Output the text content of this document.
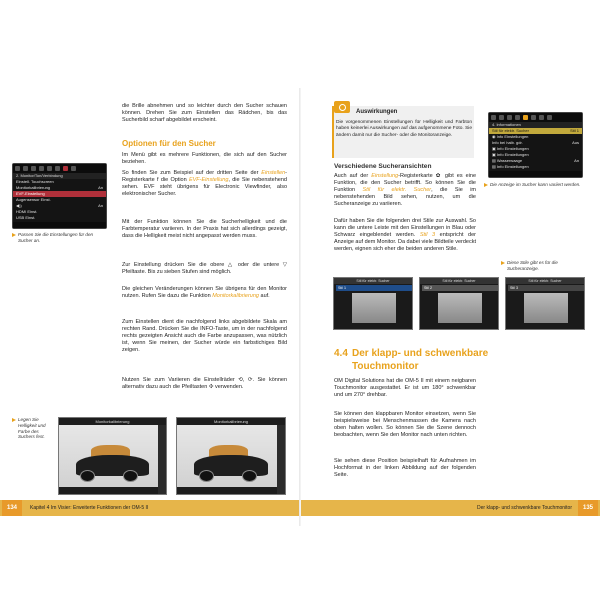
2. Monitor/Ton/Verbindung
Einstell. Touchscreen
Monitorkalibrierung	An
EVF-Einstellung
Augensensor Einst.
◀))	An
HDMI Einst.
USB Einst.
Passen Sie die Einstellungen für den Sucher an.
die Brille abnehmen und so leichter durch den Sucher schauen können. Drehen Sie zum Einstellen das Rädchen, bis das Sucherbild scharf abgebildet erscheint.
Optionen für den Sucher
Im Menü gibt es mehrere Funktionen, die sich auf den Sucher beziehen.
So finden Sie zum Beispiel auf der dritten Seite der Einstellen-Registerkarte f die Option EVF-Einstellung, die Sie nebenstehend sehen. EVF steht übrigens für Electronic Viewfinder, also elektronischer Sucher.
Mit der Funktion können Sie die Sucherhelligkeit und die Farbtemperatur variieren. In der Praxis hat sich allerdings gezeigt, dass die Helligkeit meist nicht angepasst werden muss.
Zur Einstellung drücken Sie die obere △ oder die untere ▽ Pfeiltaste. Bis zu sieben Stufen sind möglich.
Die gleichen Veränderungen können Sie übrigens für den Monitor nutzen. Rufen Sie dazu die Funktion Monitorkalibrierung auf.
Zum Einstellen dient die nachfolgend links abgebildete Skala am rechten Rand. Drücken Sie die INFO-Taste, um in der nachfolgend rechts gezeigten Ansicht auch die Farbe anzupassen, was nützlich ist, wenn Sie meinen, der Sucher würde ein farbstichiges Bild zeigen.
Nutzen Sie zum Variieren die Einstellräder ⟲, ⟳. Sie können alternativ dazu auch die Pfeiltasten ✣ verwenden.
Legen Sie Helligkeit und Farbe des Suchers fest.
Monitorkalibrierung	Monitorkalibrierung
Auswirkungen
Die vorgenommenen Einstellungen für Helligkeit und Farbton haben keinerlei Auswirkungen auf das aufgenommene Foto. Sie ändern damit nur die Sucher- oder die Monitoranzeige.
Verschiedene Sucheransichten
Auch auf der Einstellung-Registerkarte ✿ gibt es eine Funktion, die den Sucher betrifft. So können Sie die Funktion Stil für elektr. Sucher, die Sie im nebenstehenden Bild sehen, nutzen, um die Sucheranzeige zu variieren.
Dafür haben Sie die folgenden drei Stile zur Auswahl. So kann die untere Leiste mit den Einstellungen in Blau oder Schwarz eingeblendet werden. Stil 3 entspricht der Anzeige auf dem Monitor. Da dabei viele Bildteile verdeckt werden, eignen sich eher die beiden anderen Stile.
4. Informationen
Stil für elektr. Sucher	Stil 1
◉ Info Einstellungen
Info bei halb. gdr.	Aus
▣ Info Einstellungen
▣ Info Einstellungen
▤ Wasserwaage	An
▤ Info Einstellungen
Die Anzeige im Sucher kann variiert werden.
Diese Stile gibt es für die Sucheranzeige.
Stil für elektr. Sucher
Stil 1
Stil für elektr. Sucher
Stil 2
Stil für elektr. Sucher
Stil 3
4.4 Der klapp- und schwenkbare
Touchmonitor
OM Digital Solutions hat die OM-5 II mit einem neigbaren Touchmonitor ausgestattet. Er ist um 180° schwenkbar und um 270° drehbar.
Sie können den klappbaren Monitor einsetzen, wenn Sie beispielsweise bei Menschenmassen die Kamera nach oben halten wollen. So können Sie die Szene dennoch beobachten, wenn Sie den Monitor nach unten richten.
Sie sehen diese Position beispielhaft für Aufnahmen im Hochformat in der linken Abbildung auf der folgenden Seite.
134	Kapitel 4 Im Visier: Erweiterte Funktionen der OM-5 II	Der klapp- und schwenkbare Touchmonitor	135
